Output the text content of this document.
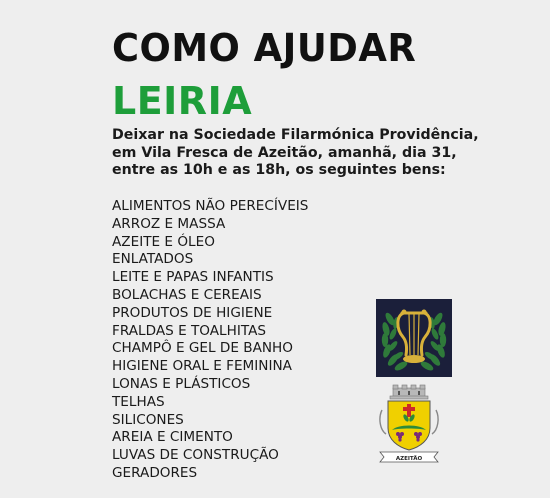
COMO AJUDAR
LEIRIA
Deixar na Sociedade Filarmónica Providência,
em Vila Fresca de Azeitão, amanhã, dia 31,
entre as 10h e as 18h, os seguintes bens:
ALIMENTOS NÃO PERECÍVEIS
ARROZ E MASSA
AZEITE E ÓLEO
ENLATADOS
LEITE E PAPAS INFANTIS
BOLACHAS E CEREAIS
PRODUTOS DE HIGIENE
FRALDAS E TOALHITAS
CHAMPÔ E GEL DE BANHO
HIGIENE ORAL E FEMININA
LONAS E PLÁSTICOS
TELHAS
SILICONES
AREIA E CIMENTO
LUVAS DE CONSTRUÇÃO
GERADORES
AZEITÃO
